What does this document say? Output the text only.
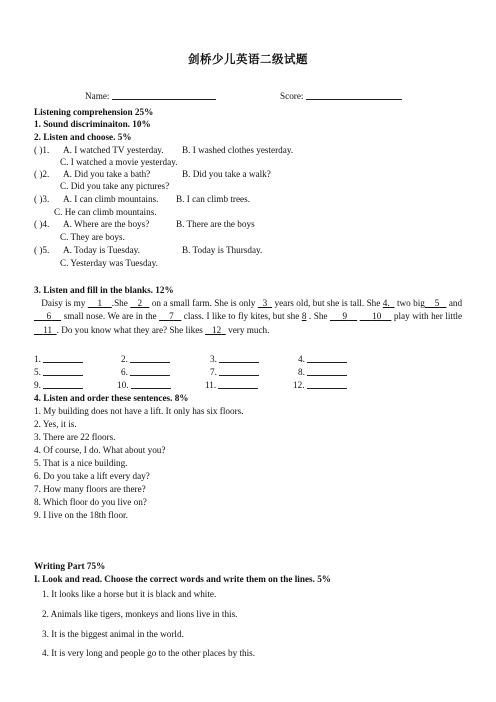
剑桥少儿英语二级试题
Name:	Score:
Listening comprehension 25%
1. Sound discriminaiton. 10%
2. Listen and choose. 5%
( )1. A. I watched TV yesterday. B. I washed clothes yesterday.
C. I watched a movie yesterday.
( )2. A. Did you take a bath?	B. Did you take a walk?
C. Did you take any pictures?
( )3. A. I can climb mountains. B. I can climb trees.
C. He can climb mountains.
( )4. A. Where are the boys?	B. There are the boys
C. They are boys.
( )5. A. Today is Tuesday.	B. Today is Thursday.
C. Yesterday was Tuesday.
3. Listen and fill in the blanks. 12%
Daisy is my 1 .She 2 on a small farm. She is only 3 years old, but she is tall. She 4. two big 5 and      6 small nose. We are in the 7 class. I like to fly kites, but she 8 . She 9	10 play with her little     11 . Do you know what they are? She likes 12 very much.
1.	2.	3.	4.
5.	6.	7.	8.
9.	10.	11.	12.
4. Listen and order these sentences. 8%
1. My building does not have a lift. It only has six floors.
2. Yes, it is.
3. There are 22 floors.
4. Of course, I do. What about you?
5. That is a nice building.
6. Do you take a lift every day?
7. How many floors are there?
8. Which floor do you live on?
9. I live on the 18th floor.
Writing Part 75%
I. Look and read. Choose the correct words and write them on the lines. 5%
1. It looks like a horse but it is black and white.
2. Animals like tigers, monkeys and lions live in this.
3. It is the biggest animal in the world.
4. It is very long and people go to the other places by this.
